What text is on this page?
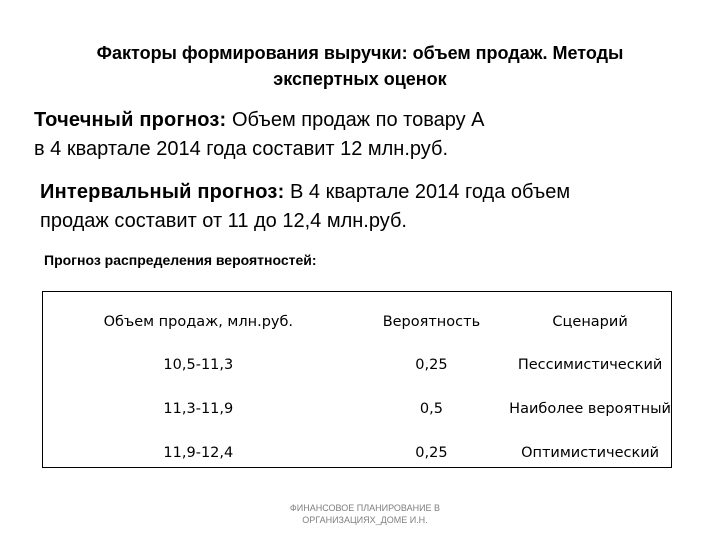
Факторы формирования выручки: объем продаж. Методы
экспертных оценок
Точечный прогноз: Объем продаж по товару А
в 4 квартале 2014 года составит 12 млн.руб.
Интервальный прогноз: В 4 квартале 2014 года объем
продаж составит от 11 до 12,4 млн.руб.
Прогноз распределения вероятностей:
Объем продаж, млн.руб.	Вероятность	Сценарий
10,5-11,3	0,25	Пессимистический
11,3-11,9	0,5	Наиболее вероятный
11,9-12,4	0,25	Оптимистический
ФИНАНСОВОЕ ПЛАНИРОВАНИЕ В
ОРГАНИЗАЦИЯХ_ДОМЕ И.Н.
